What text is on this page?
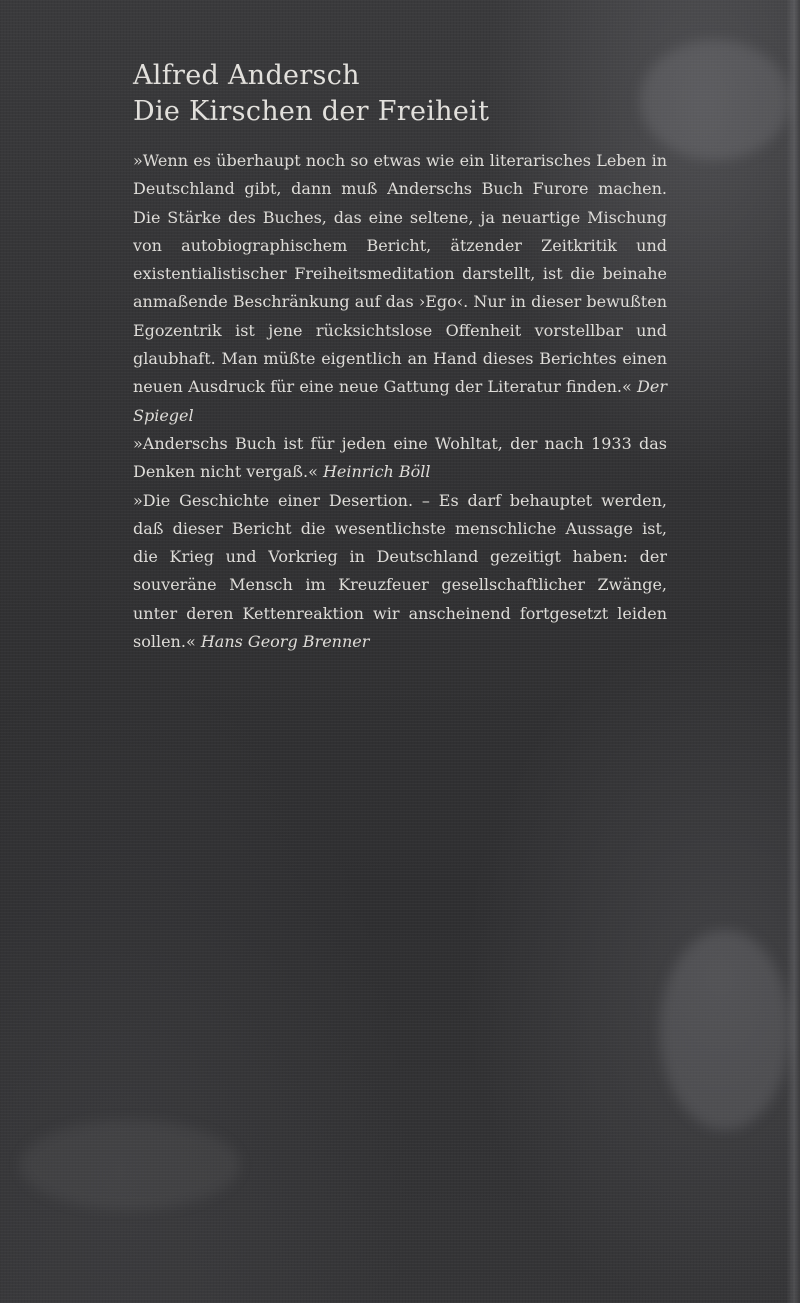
Alfred Andersch
Die Kirschen der Freiheit

»Wenn es überhaupt noch so etwas wie ein literarisches Leben in Deutschland gibt, dann muß Anderschs Buch Furore machen. Die Stärke des Buches, das eine seltene, ja neuartige Mischung von autobiographischem Bericht, ätzender Zeitkritik und existentialistischer Freiheitsmeditation darstellt, ist die beinahe anmaßende Beschränkung auf das ›Ego‹. Nur in dieser bewußten Egozentrik ist jene rücksichtslose Offenheit vorstellbar und glaubhaft. Man müßte eigentlich an Hand dieses Berichtes einen neuen Ausdruck für eine neue Gattung der Literatur finden.« Der Spiegel

»Anderschs Buch ist für jeden eine Wohltat, der nach 1933 das Denken nicht vergaß.« Heinrich Böll

»Die Geschichte einer Desertion. – Es darf behauptet werden, daß dieser Bericht die wesentlichste menschliche Aussage ist, die Krieg und Vorkrieg in Deutschland gezeitigt haben: der souveräne Mensch im Kreuzfeuer gesellschaftlicher Zwänge, unter deren Kettenreaktion wir anscheinend fortgesetzt leiden sollen.« Hans Georg Brenner
